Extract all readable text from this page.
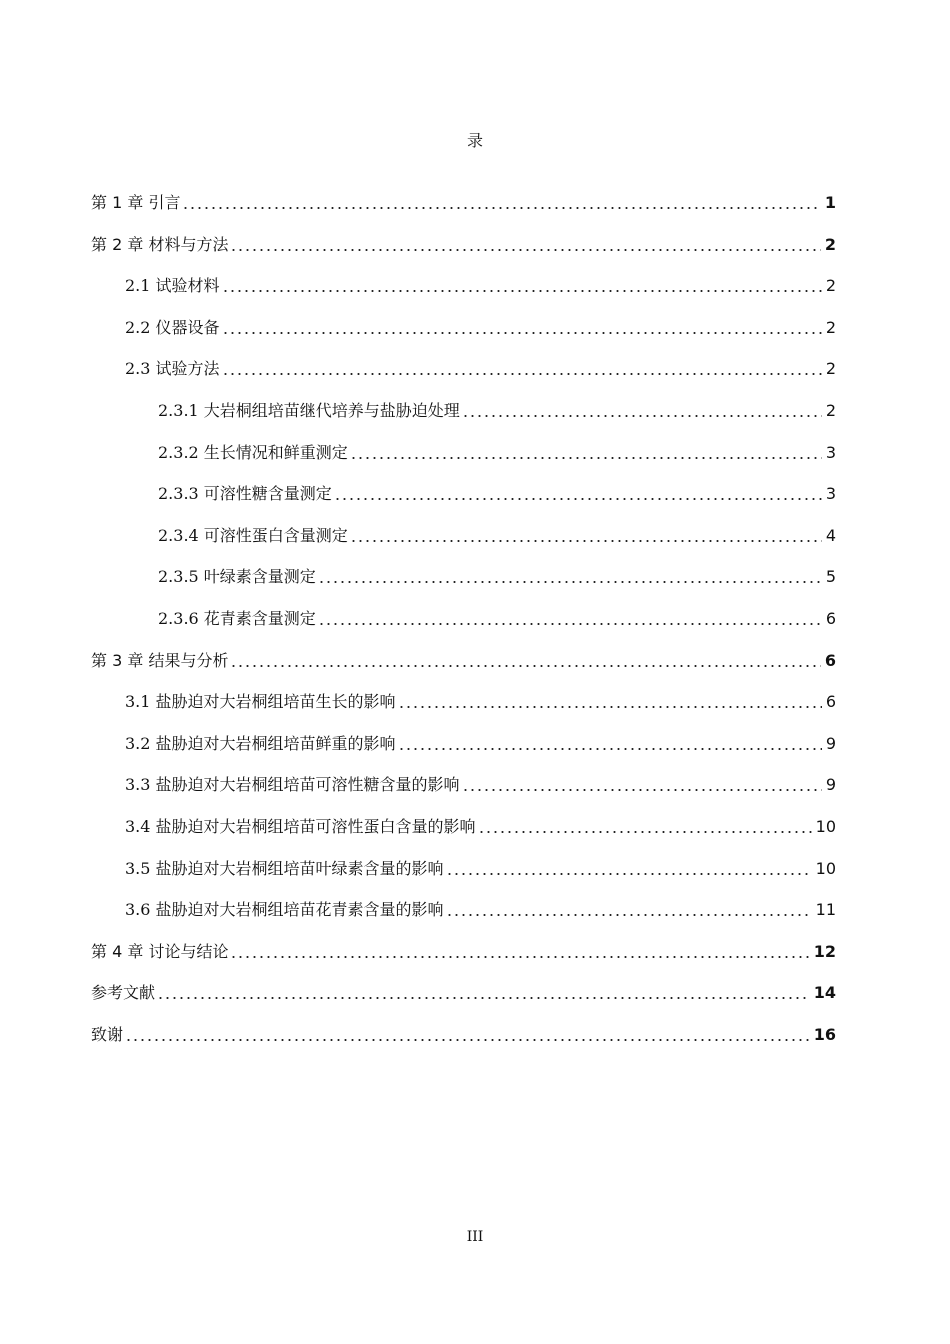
录
第 1 章 引言	1
第 2 章 材料与方法	2
2.1 试验材料	2
2.2 仪器设备	2
2.3 试验方法	2
2.3.1 大岩桐组培苗继代培养与盐胁迫处理	2
2.3.2 生长情况和鲜重测定	3
2.3.3 可溶性糖含量测定	3
2.3.4 可溶性蛋白含量测定	4
2.3.5 叶绿素含量测定	5
2.3.6 花青素含量测定	6
第 3 章 结果与分析	6
3.1 盐胁迫对大岩桐组培苗生长的影响	6
3.2 盐胁迫对大岩桐组培苗鲜重的影响	9
3.3 盐胁迫对大岩桐组培苗可溶性糖含量的影响	9
3.4 盐胁迫对大岩桐组培苗可溶性蛋白含量的影响	10
3.5 盐胁迫对大岩桐组培苗叶绿素含量的影响	10
3.6 盐胁迫对大岩桐组培苗花青素含量的影响	11
第 4 章 讨论与结论	12
参考文献	14
致谢	16
III
